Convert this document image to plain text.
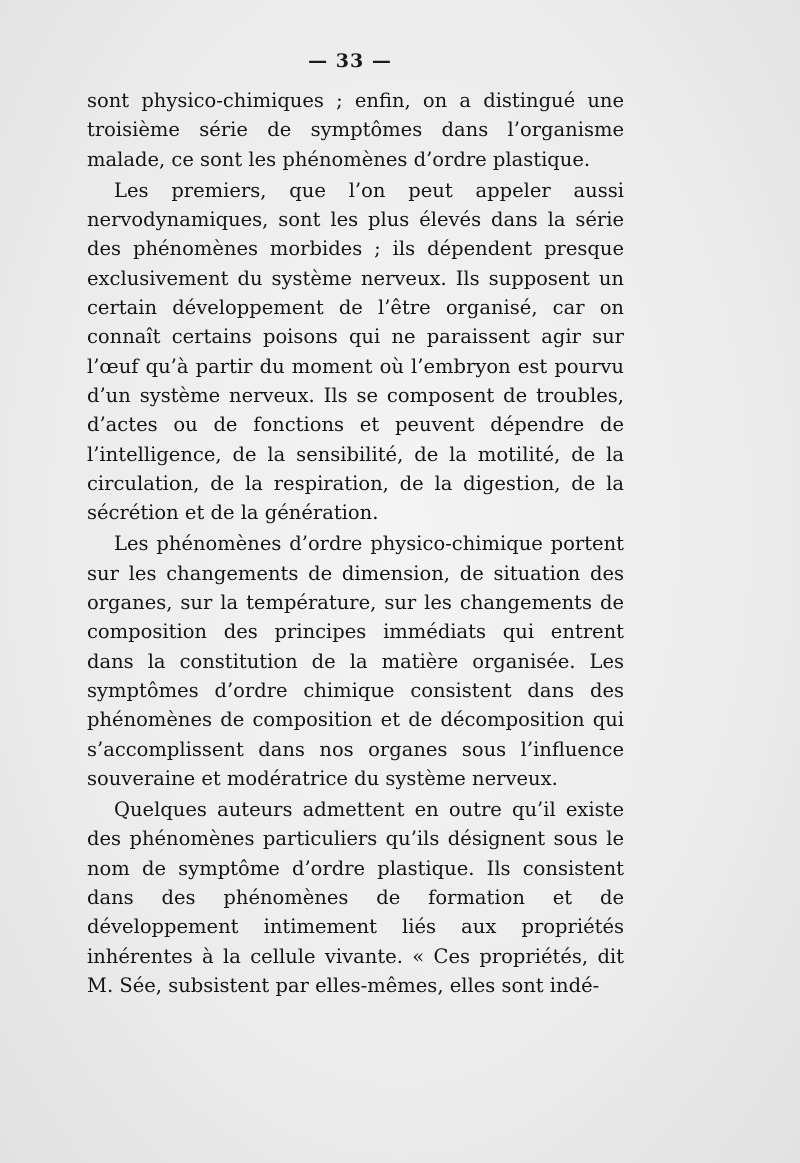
— 33 —

sont physico-chimiques ; enfin, on a distingué une troisième série de symptômes dans l’organisme malade, ce sont les phénomènes d’ordre plastique.

Les premiers, que l’on peut appeler aussi nervodynamiques, sont les plus élevés dans la série des phénomènes morbides ; ils dépendent presque exclusivement du système nerveux. Ils supposent un certain développement de l’être organisé, car on connaît certains poisons qui ne paraissent agir sur l’œuf qu’à partir du moment où l’embryon est pourvu d’un système nerveux. Ils se composent de troubles, d’actes ou de fonctions et peuvent dépendre de l’intelligence, de la sensibilité, de la motilité, de la circulation, de la respiration, de la digestion, de la sécrétion et de la génération.

Les phénomènes d’ordre physico-chimique portent sur les changements de dimension, de situation des organes, sur la température, sur les changements de composition des principes immédiats qui entrent dans la constitution de la matière organisée. Les symptômes d’ordre chimique consistent dans des phénomènes de composition et de décomposition qui s’accomplissent dans nos organes sous l’influence souveraine et modératrice du système nerveux.

Quelques auteurs admettent en outre qu’il existe des phénomènes particuliers qu’ils désignent sous le nom de symptôme d’ordre plastique. Ils consistent dans des phénomènes de formation et de développement intimement liés aux propriétés inhérentes à la cellule vivante. « Ces propriétés, dit M. Sée, subsistent par elles-mêmes, elles sont indé-
